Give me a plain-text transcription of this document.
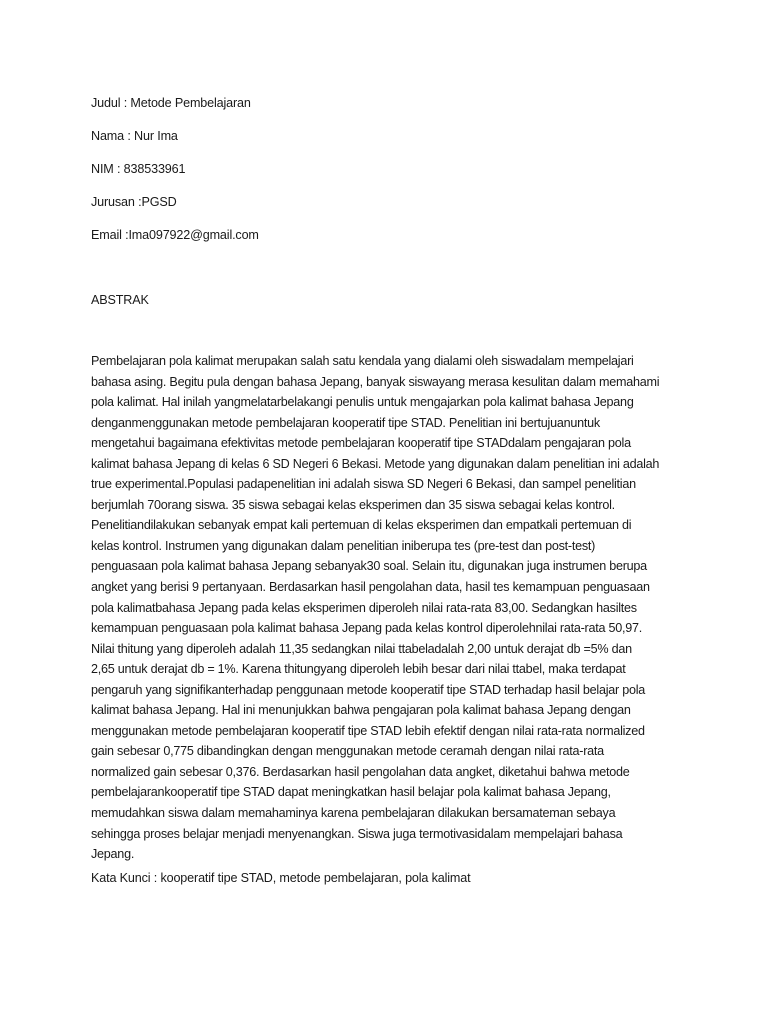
Judul : Metode Pembelajaran
Nama : Nur Ima
NIM : 838533961
Jurusan :PGSD
Email :Ima097922@gmail.com
ABSTRAK
Pembelajaran pola kalimat merupakan salah satu kendala yang dialami oleh siswadalam mempelajari
bahasa asing. Begitu pula dengan bahasa Jepang, banyak siswayang merasa kesulitan dalam memahami
pola kalimat. Hal inilah yangmelatarbelakangi penulis untuk mengajarkan pola kalimat bahasa Jepang
denganmenggunakan metode pembelajaran kooperatif tipe STAD. Penelitian ini bertujuanuntuk
mengetahui bagaimana efektivitas metode pembelajaran kooperatif tipe STADdalam pengajaran pola
kalimat bahasa Jepang di kelas 6 SD Negeri 6 Bekasi. Metode yang digunakan dalam penelitian ini adalah
true experimental.Populasi padapenelitian ini adalah siswa SD Negeri 6 Bekasi, dan sampel penelitian
berjumlah 70orang siswa. 35 siswa sebagai kelas eksperimen dan 35 siswa sebagai kelas kontrol.
Penelitiandilakukan sebanyak empat kali pertemuan di kelas eksperimen dan empatkali pertemuan di
kelas kontrol. Instrumen yang digunakan dalam penelitian iniberupa tes (pre-test dan post-test)
penguasaan pola kalimat bahasa Jepang sebanyak30 soal. Selain itu, digunakan juga instrumen berupa
angket yang berisi 9 pertanyaan. Berdasarkan hasil pengolahan data, hasil tes kemampuan penguasaan
pola kalimatbahasa Jepang pada kelas eksperimen diperoleh nilai rata-rata 83,00. Sedangkan hasiltes
kemampuan penguasaan pola kalimat bahasa Jepang pada kelas kontrol diperolehnilai rata-rata 50,97.
Nilai thitung yang diperoleh adalah 11,35 sedangkan nilai ttabeladalah 2,00 untuk derajat db =5% dan
2,65 untuk derajat db = 1%. Karena thitungyang diperoleh lebih besar dari nilai ttabel, maka terdapat
pengaruh yang signifikanterhadap penggunaan metode kooperatif tipe STAD terhadap hasil belajar pola
kalimat bahasa Jepang. Hal ini menunjukkan bahwa pengajaran pola kalimat bahasa Jepang dengan
menggunakan metode pembelajaran kooperatif tipe STAD lebih efektif dengan nilai rata-rata normalized
gain sebesar 0,775 dibandingkan dengan menggunakan metode ceramah dengan nilai rata-rata
normalized gain sebesar 0,376. Berdasarkan hasil pengolahan data angket, diketahui bahwa metode
pembelajarankooperatif tipe STAD dapat meningkatkan hasil belajar pola kalimat bahasa Jepang,
memudahkan siswa dalam memahaminya karena pembelajaran dilakukan bersamateman sebaya
sehingga proses belajar menjadi menyenangkan. Siswa juga termotivasidalam mempelajari bahasa
Jepang.
Kata Kunci : kooperatif tipe STAD, metode pembelajaran, pola kalimat
